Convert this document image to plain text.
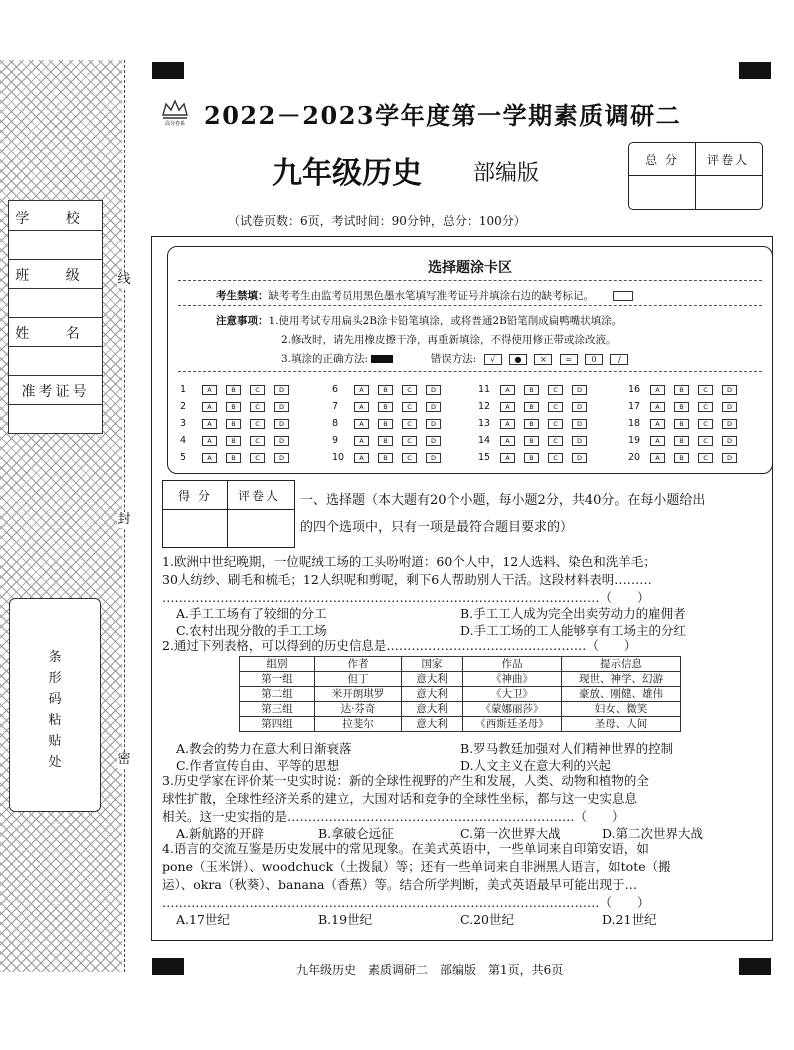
线
封
密
学 校
班 级
姓 名
准考证号
条
形
码
粘
贴
处
高分卷系 2022－2023学年度第一学期素质调研二
九年级历史 部编版
（试卷页数：6页，考试时间：90分钟，总分：100分）
总 分	评卷人
选择题涂卡区
考生禁填：缺考考生由监考员用黑色墨水笔填写准考证号并填涂右边的缺考标记。
注意事项：1.使用考试专用扁头2B涂卡铅笔填涂，或将普通2B铅笔削成扁鸭嘴状填涂。
2.修改时，请先用橡皮擦干净，再重新填涂，不得使用修正带或涂改液。
3.填涂的正确方法:	错误方法: √ ● × = 0	/
1	A	B	C	D
2	A	B	C	D
3	A	B	C	D
4	A	B	C	D
5	A	B	C	D
6	A	B	C	D
7	A	B	C	D
8	A	B	C	D
9	A	B	C	D
10	A	B	C	D
11	A	B	C	D
12	A	B	C	D
13	A	B	C	D
14	A	B	C	D
15	A	B	C	D
16	A	B	C	D
17	A	B	C	D
18	A	B	C	D
19	A	B	C	D
20	A	B	C	D
得 分	评卷人	一、选择题（本大题有20个小题，每小题2分，共40分。在每小题给出
的四个选项中，只有一项是最符合题目要求的）
1.欧洲中世纪晚期，一位呢绒工场的工头吩咐道：60个人中，12人选料、染色和洗羊毛；
30人纺纱、刷毛和梳毛；12人织呢和剪呢，剩下6人帮助别人干活。这段材料表明………
……………………………………………………………………………………………（　　）
A.手工工场有了较细的分工	B.手工工人成为完全出卖劳动力的雇佣者
C.农村出现分散的手工工场	D.手工工场的工人能够享有工场主的分红
2.通过下列表格，可以得到的历史信息是…………………………………………（　　）
组别	作者	国家	作品	提示信息
第一组	但丁	意大利	《神曲》	现世、神学、幻游
第二组	米开朗琪罗	意大利	《大卫》	豪放、刚健、雄伟
第三组	达·芬奇	意大利	《蒙娜丽莎》	妇女、微笑
第四组	拉斐尔	意大利	《西斯廷圣母》	圣母、人间
A.教会的势力在意大利日渐衰落	B.罗马教廷加强对人们精神世界的控制
C.作者宣传自由、平等的思想	D.人文主义在意大利的兴起
3.历史学家在评价某一史实时说：新的全球性视野的产生和发展，人类、动物和植物的全
球性扩散，全球性经济关系的建立，大国对话和竞争的全球性坐标，都与这一史实息息
相关。这一史实指的是……………………………………………………………（　　）
A.新航路的开辟	B.拿破仑远征	C.第一次世界大战	D.第二次世界大战
4.语言的交流互鉴是历史发展中的常见现象。在美式英语中，一些单词来自印第安语，如
pone（玉米饼）、woodchuck（土拨鼠）等；还有一些单词来自非洲黑人语言，如tote（搬
运）、okra（秋葵）、banana（香蕉）等。结合所学判断，美式英语最早可能出现于…
……………………………………………………………………………………………（　　）
A.17世纪	B.19世纪	C.20世纪	D.21世纪
九年级历史　素质调研二　部编版　第1页，共6页
